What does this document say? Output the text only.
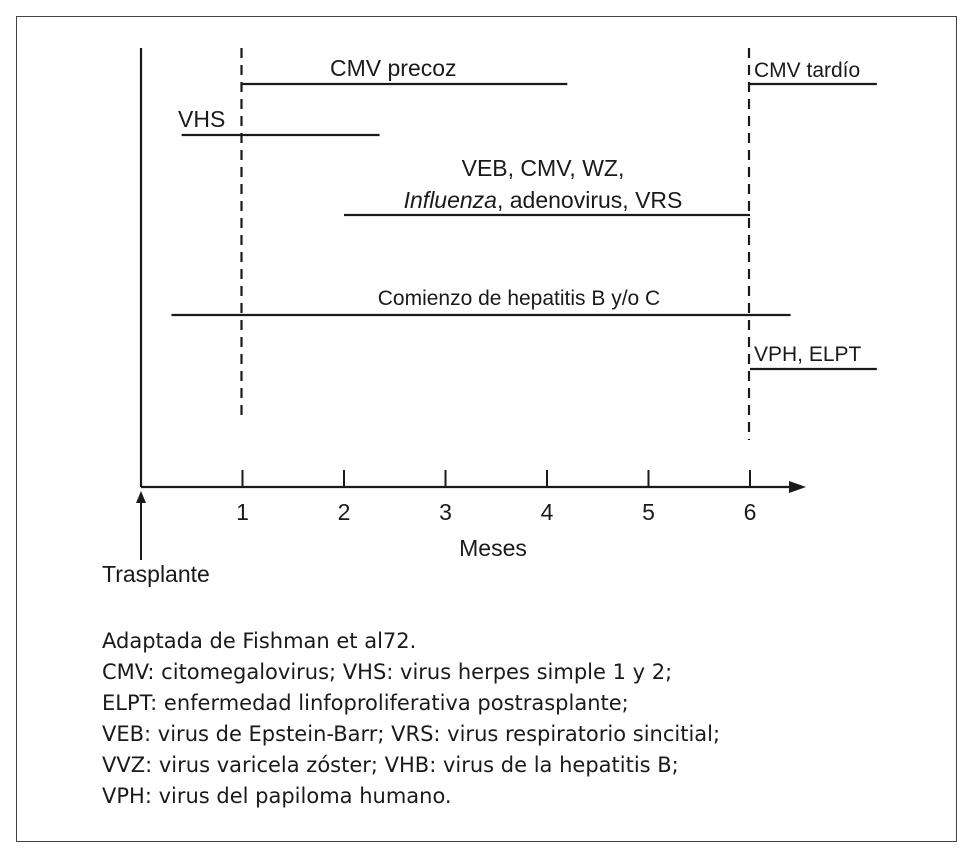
Trasplante
Meses
1	2	3	4	5	6
CMV precoz	CMV tardío
VHS
VEB, CMV, WZ,
Influenza, adenovirus, VRS
Comienzo de hepatitis B y/o C
VPH, ELPT
Adaptada de Fishman et al72.
CMV: citomegalovirus; VHS: virus herpes simple 1 y 2;
ELPT: enfermedad linfoproliferativa postrasplante;
VEB: virus de Epstein-Barr; VRS: virus respiratorio sincitial;
VVZ: virus varicela zóster; VHB: virus de la hepatitis B;
VPH: virus del papiloma humano.
